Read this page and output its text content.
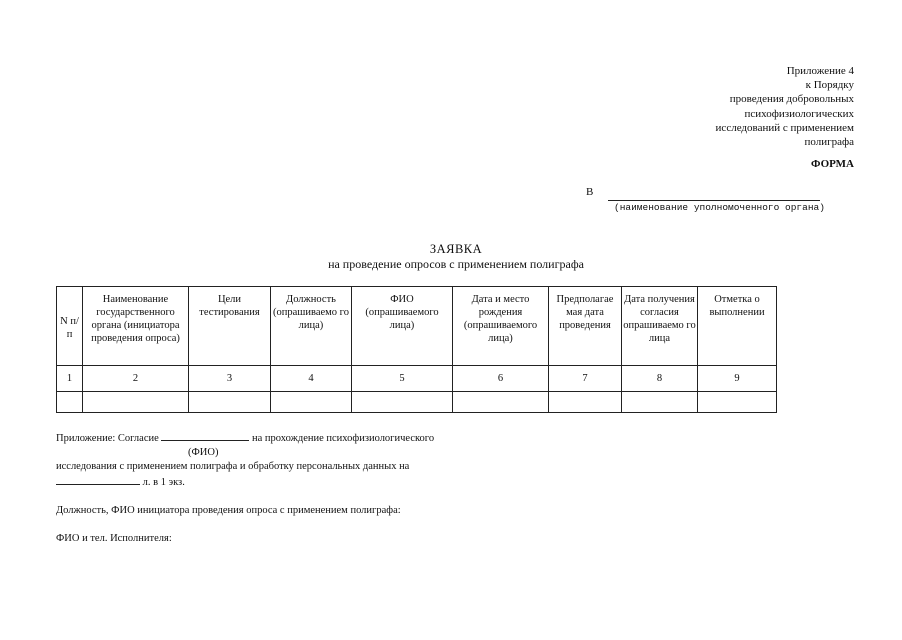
Приложение 4
к Порядку
проведения добровольных
психофизиологических
исследований с применением
полиграфа
ФОРМА
В
(наименование уполномоченного органа)
ЗАЯВКА
на проведение опросов с применением полиграфа
N п/п	Наименование государственного органа (инициатора проведения опроса)	Цели тестирования	Должность (опрашиваемо го лица)	ФИО (опрашиваемого лица)	Дата и место рождения (опрашиваемого лица)	Предполагае мая дата проведения	Дата получения согласия опрашиваемо го лица	Отметка о выполнении
1	2	3	4	5	6	7	8	9

Приложение: Согласие	на прохождение психофизиологического
(ФИО)
исследования с применением полиграфа и обработку персональных данных на
л. в 1 экз.
Должность, ФИО инициатора проведения опроса с применением полиграфа:
ФИО и тел. Исполнителя:
